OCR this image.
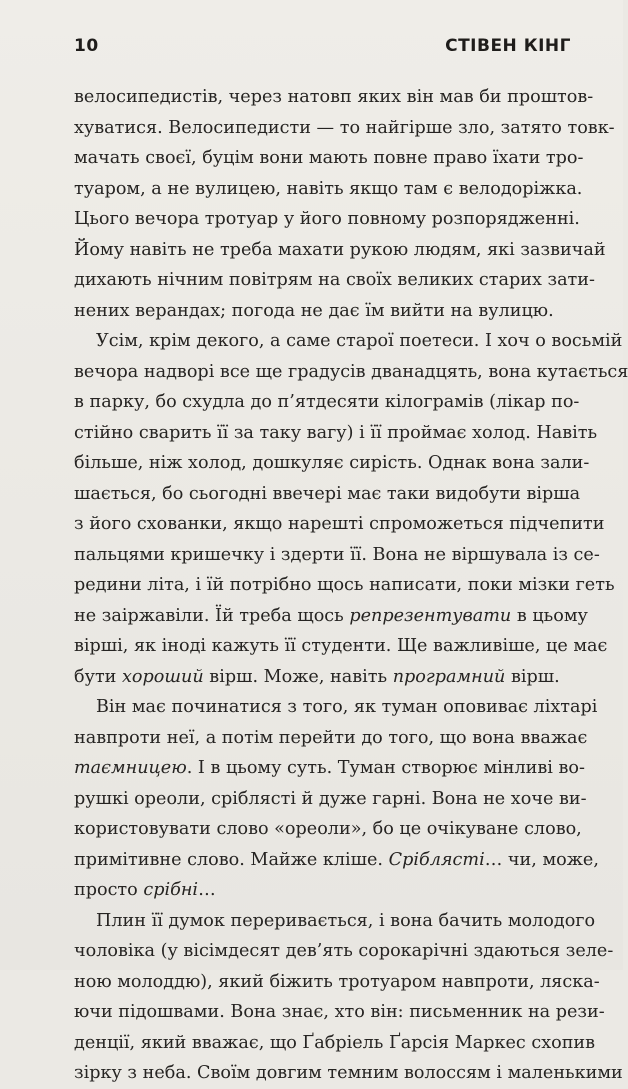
10	СТІВЕН КІНГ

велосипедистів, через натовп яких він мав би проштов-
хуватися. Велосипедисти — то найгірше зло, затято товк-
мачать своєї, буцім вони мають повне право їхати тро-
туаром, а не вулицею, навіть якщо там є велодоріжка.
Цього вечора тротуар у його повному розпорядженні.
Йому навіть не треба махати рукою людям, які зазвичай
дихають нічним повітрям на своїх великих старих зати-
нених верандах; погода не дає їм вийти на вулицю.

Усім, крім декого, а саме старої поетеси. І хоч о восьмій
вечора надворі все ще градусів дванадцять, вона кутається
в парку, бо схудла до п’ятдесяти кілограмів (лікар по-
стійно сварить її за таку вагу) і її проймає холод. Навіть
більше, ніж холод, дошкуляє сирість. Однак вона зали-
шається, бо сьогодні ввечері має таки видобути вірша
з його схованки, якщо нарешті спроможеться підчепити
пальцями кришечку і здерти її. Вона не віршувала із се-
редини літа, і їй потрібно щось написати, поки мізки геть
не заіржавіли. Їй треба щось репрезентувати в цьому
вірші, як іноді кажуть її студенти. Ще важливіше, це має
бути хороший вірш. Може, навіть програмний вірш.

Він має починатися з того, як туман оповиває ліхтарі
навпроти неї, а потім перейти до того, що вона вважає
таємницею. І в цьому суть. Туман створює мінливі во-
рушкі ореоли, сріблясті й дуже гарні. Вона не хоче ви-
користовувати слово «ореоли», бо це очікуване слово,
примітивне слово. Майже кліше. Сріблясті… чи, може,
просто срібні…

Плин її думок переривається, і вона бачить молодого
чоловіка (у вісімдесят дев’ять сорокарічні здаються зеле-
ною молоддю), який біжить тротуаром навпроти, ляска-
ючи підошвами. Вона знає, хто він: письменник на рези-
денції, який вважає, що Ґабріель Ґарсія Маркес схопив
зірку з неба. Своїм довгим темним волоссям і маленькими
